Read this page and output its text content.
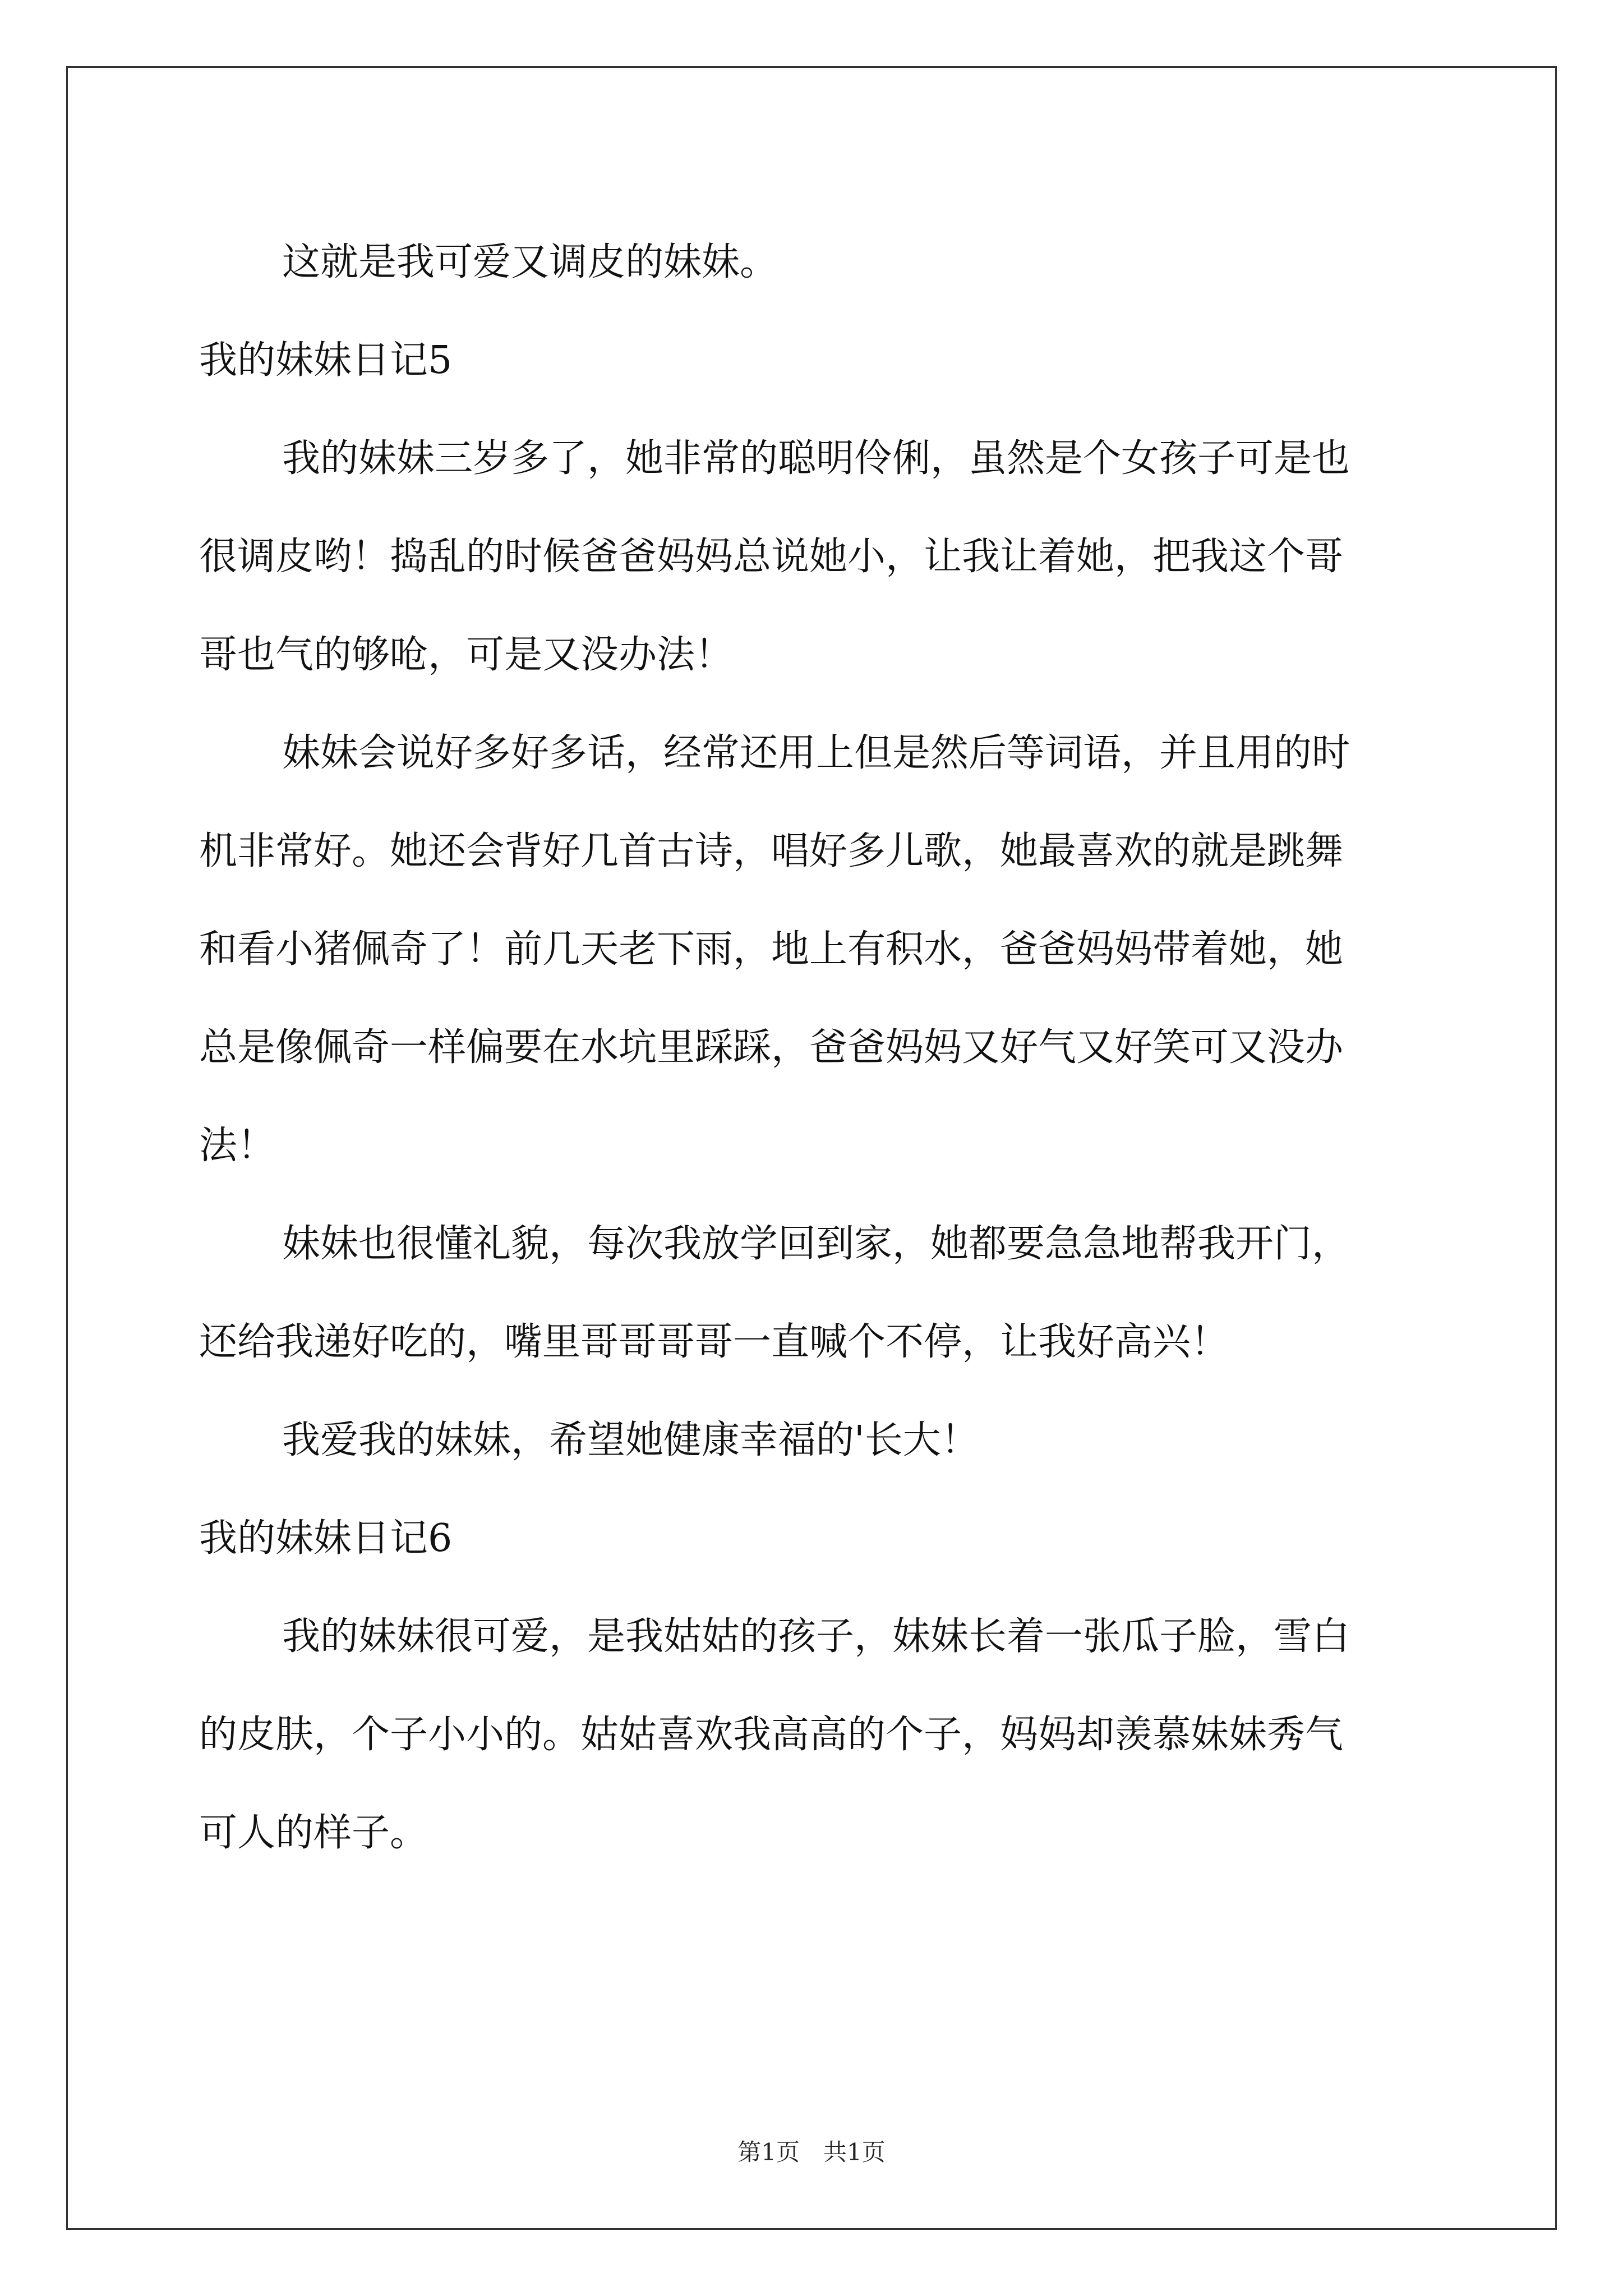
这就是我可爱又调皮的妹妹。

我的妹妹日记5

我的妹妹三岁多了，她非常的聪明伶俐，虽然是个女孩子可是也

很调皮哟！捣乱的时候爸爸妈妈总说她小，让我让着她，把我这个哥

哥也气的够呛，可是又没办法！

妹妹会说好多好多话，经常还用上但是然后等词语，并且用的时

机非常好。她还会背好几首古诗，唱好多儿歌，她最喜欢的就是跳舞

和看小猪佩奇了！前几天老下雨，地上有积水，爸爸妈妈带着她，她

总是像佩奇一样偏要在水坑里踩踩，爸爸妈妈又好气又好笑可又没办

法！

妹妹也很懂礼貌，每次我放学回到家，她都要急急地帮我开门，

还给我递好吃的，嘴里哥哥哥哥一直喊个不停，让我好高兴！

我爱我的妹妹，希望她健康幸福的'长大！

我的妹妹日记6

我的妹妹很可爱，是我姑姑的孩子，妹妹长着一张瓜子脸，雪白

的皮肤，个子小小的。姑姑喜欢我高高的个子，妈妈却羡慕妹妹秀气

可人的样子。

第1页　共1页
